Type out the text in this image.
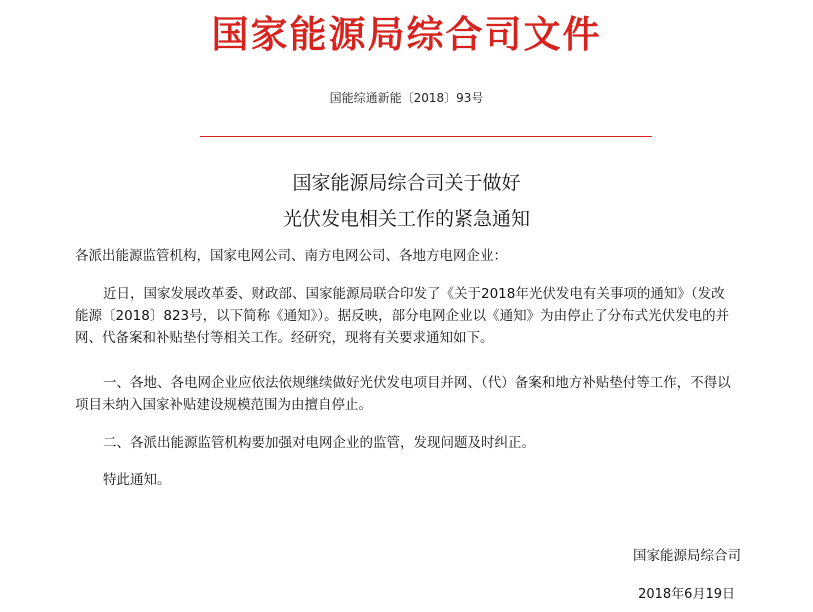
国家能源局综合司文件
国能综通新能〔2018〕93号
国家能源局综合司关于做好
光伏发电相关工作的紧急通知

各派出能源监管机构，国家电网公司、南方电网公司、各地方电网企业：

近日，国家发展改革委、财政部、国家能源局联合印发了《关于2018年光伏发电有关事项的通知》（发改能源〔2018〕823号，以下简称《通知》）。据反映，部分电网企业以《通知》为由停止了分布式光伏发电的并网、代备案和补贴垫付等相关工作。经研究，现将有关要求通知如下。

一、各地、各电网企业应依法依规继续做好光伏发电项目并网、（代）备案和地方补贴垫付等工作，不得以项目未纳入国家补贴建设规模范围为由擅自停止。

二、各派出能源监管机构要加强对电网企业的监管，发现问题及时纠正。

特此通知。

国家能源局综合司
2018年6月19日
